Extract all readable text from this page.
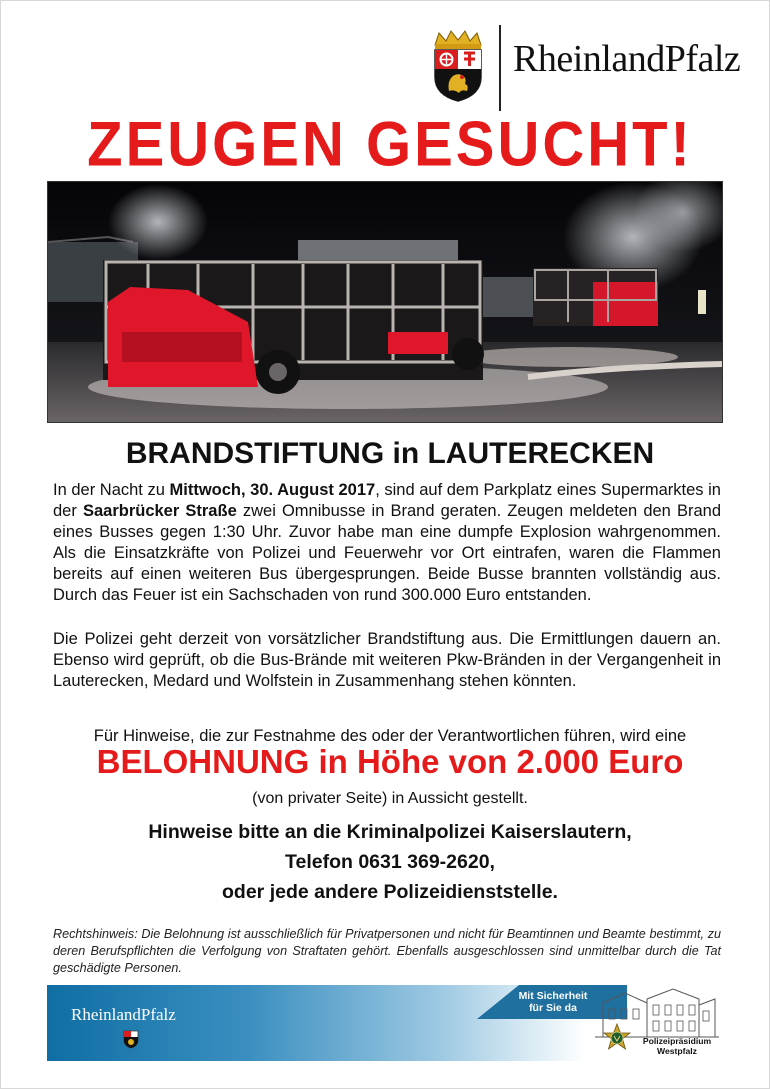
RheinlandPfalz
ZEUGEN GESUCHT!
BRANDSTIFTUNG in LAUTERECKEN
In der Nacht zu Mittwoch, 30. August 2017, sind auf dem Parkplatz eines Supermarktes in der Saarbrücker Straße zwei Omnibusse in Brand geraten. Zeugen meldeten den Brand eines Busses gegen 1:30 Uhr. Zuvor habe man eine dumpfe Explosion wahrgenommen. Als die Einsatzkräfte von Polizei und Feuerwehr vor Ort eintrafen, waren die Flammen bereits auf einen weiteren Bus übergesprungen. Beide Busse brannten vollständig aus. Durch das Feuer ist ein Sachschaden von rund 300.000 Euro entstanden.
Die Polizei geht derzeit von vorsätzlicher Brandstiftung aus. Die Ermittlungen dauern an. Ebenso wird geprüft, ob die Bus-Brände mit weiteren Pkw-Bränden in der Vergangenheit in Lauterecken, Medard und Wolfstein in Zusammenhang stehen könnten.
Für Hinweise, die zur Festnahme des oder der Verantwortlichen führen, wird eine
BELOHNUNG in Höhe von 2.000 Euro
(von privater Seite) in Aussicht gestellt.
Hinweise bitte an die Kriminalpolizei Kaiserslautern,
Telefon 0631 369-2620,
oder jede andere Polizeidienststelle.
Rechtshinweis: Die Belohnung ist ausschließlich für Privatpersonen und nicht für Beamtinnen und Beamte bestimmt, zu deren Berufspflichten die Verfolgung von Straftaten gehört. Ebenfalls ausgeschlossen sind unmittelbar durch die Tat geschädigte Personen.
RheinlandPfalz
Mit Sicherheit
für Sie da
Polizeipräsidium
Westpfalz
